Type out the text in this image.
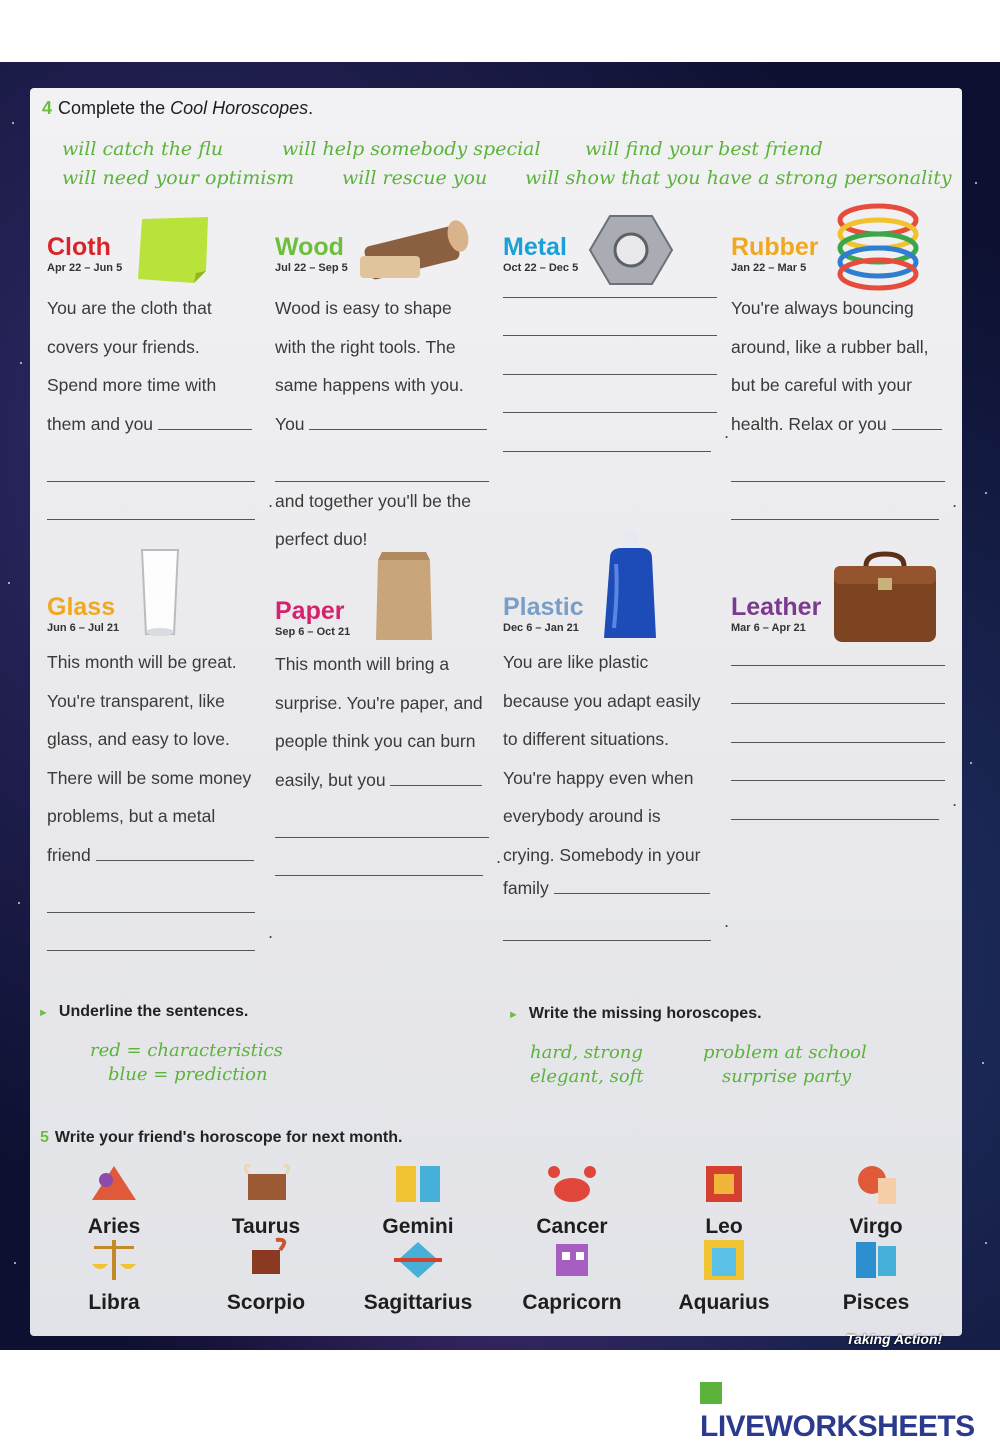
4 Complete the Cool Horoscopes.
will catch the flu	will help somebody special will find your best friend
will need your optimism	will rescue you will show that you have a strong personality
Cloth
Apr 22 – Jun 5
You are the cloth that
covers your friends.
Spend more time with
them and you
.
Wood
Jul 22 – Sep 5
Wood is easy to shape
with the right tools. The
same happens with you.
You
and together you'll be the
perfect duo!
Metal
Oct 22 – Dec 5
.
Rubber
Jan 22 – Mar 5
You're always bouncing
around, like a rubber ball,
but be careful with your
health. Relax or you
.
Glass
Jun 6 – Jul 21
This month will be great.
You're transparent, like
glass, and easy to love.
There will be some money
problems, but a metal
friend
.
Paper
Sep 6 – Oct 21
This month will bring a
surprise. You're paper, and
people think you can burn
easily, but you
.
Plastic
Dec 6 – Jan 21
You are like plastic
because you adapt easily
to different situations.
You're happy even when
everybody around is
crying. Somebody in your
family
.
Leather
Mar 6 – Apr 21
.
► Underline the sentences.
red = characteristics
blue = prediction
► Write the missing horoscopes.
hard, strong
elegant, soft
problem at school
surprise party
5 Write your friend's horoscope for next month.
Aries	Taurus	Gemini	Cancer	Leo	Virgo
Libra	Scorpio	Sagittarius	Capricorn	Aquarius	Pisces
Taking Action!
LIVEWORKSHEETS
